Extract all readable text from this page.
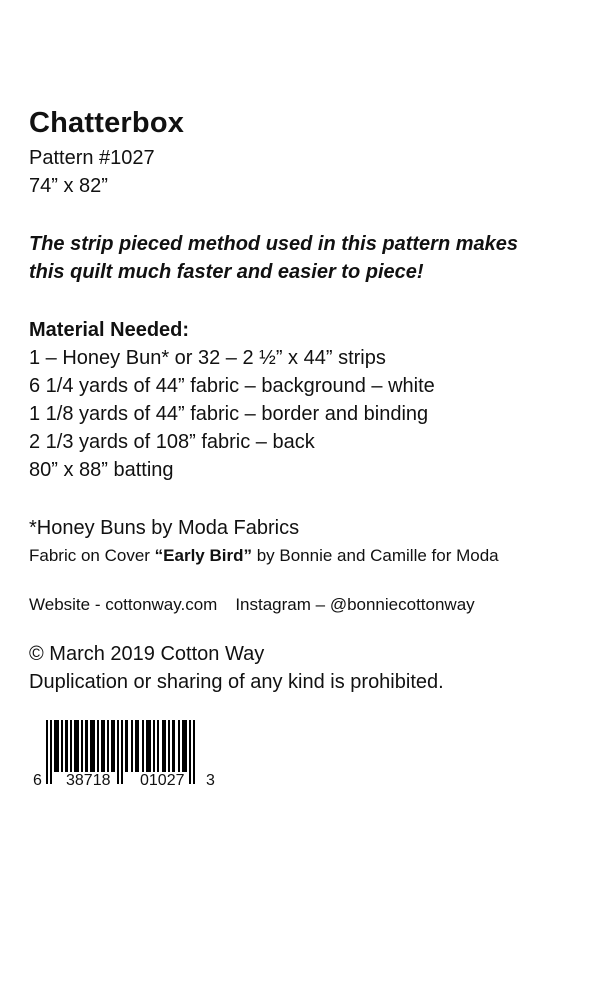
Chatterbox
Pattern #1027
74” x 82”
The strip pieced method used in this pattern makes
this quilt much faster and easier to piece!
Material Needed:
1 – Honey Bun* or 32 – 2 ½” x 44” strips
6 1/4 yards of 44” fabric – background – white
1 1/8 yards of 44” fabric – border and binding
2 1/3 yards of 108” fabric – back
80” x 88” batting
*Honey Buns by Moda Fabrics
Fabric on Cover “Early Bird” by Bonnie and Camille for Moda
Website - cottonway.com Instagram – @bonniecottonway
© March 2019 Cotton Way
Duplication or sharing of any kind is prohibited.
6 38718 01027 3
